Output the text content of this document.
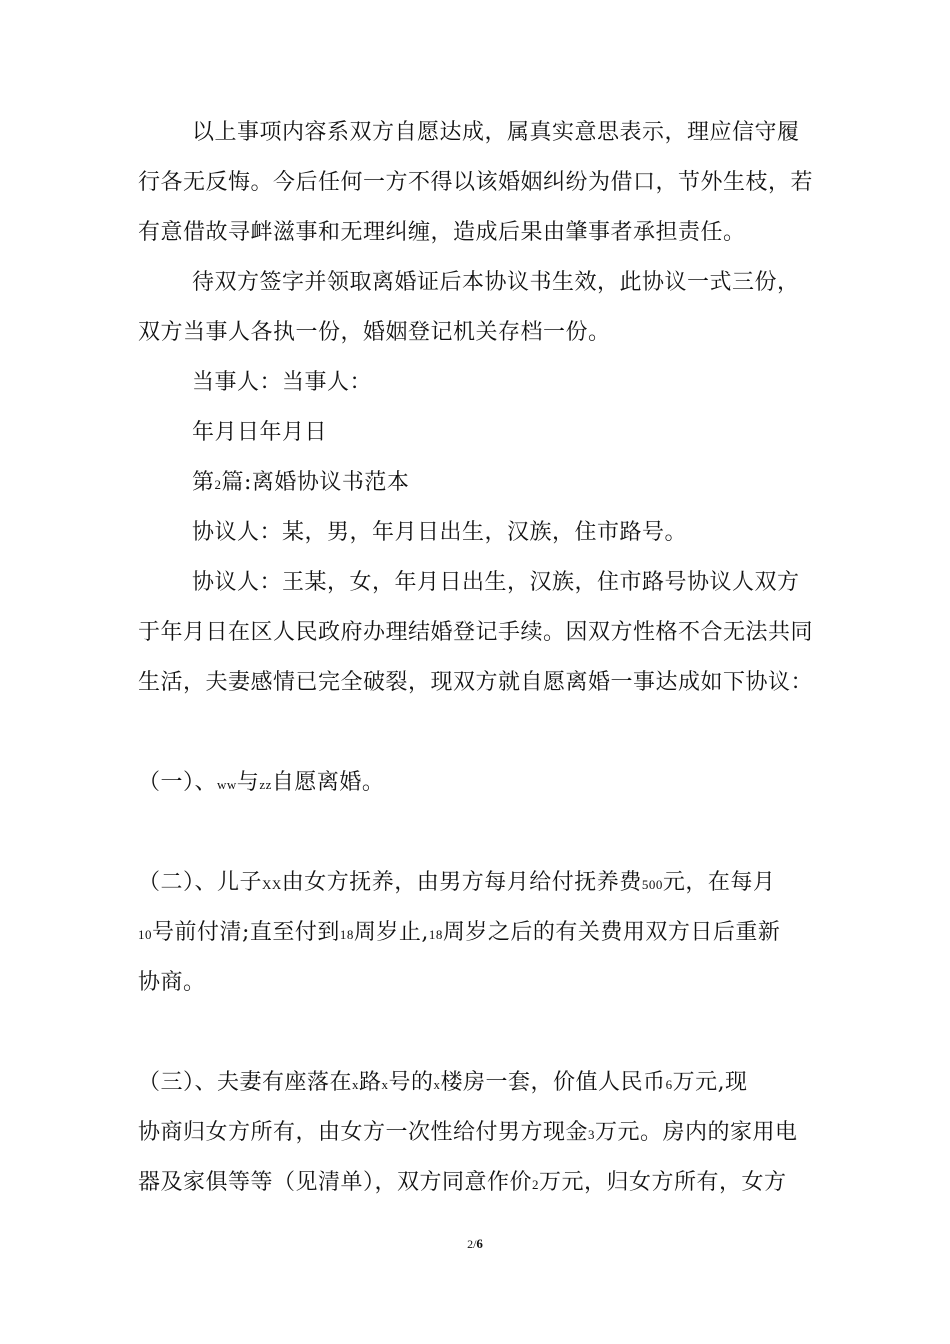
以上事项内容系双方自愿达成，属真实意思表示，理应信守履
行各无反悔。今后任何一方不得以该婚姻纠纷为借口，节外生枝，若
有意借故寻衅滋事和无理纠缠，造成后果由肇事者承担责任。
待双方签字并领取离婚证后本协议书生效，此协议一式三份，
双方当事人各执一份，婚姻登记机关存档一份。
当事人：当事人：
年月日年月日
第2篇:离婚协议书范本
协议人：某，男，年月日出生，汉族，住市路号。
协议人：王某，女，年月日出生，汉族，住市路号协议人双方
于年月日在区人民政府办理结婚登记手续。因双方性格不合无法共同
生活，夫妻感情已完全破裂，现双方就自愿离婚一事达成如下协议：
（一）、ww与zz自愿离婚。
（二）、儿子XX由女方抚养，由男方每月给付抚养费500元，在每月
10号前付清;直至付到18周岁止,18周岁之后的有关费用双方日后重新
协商。
（三）、夫妻有座落在x路x号的x楼房一套，价值人民币6万元,现
协商归女方所有，由女方一次性给付男方现金3万元。房内的家用电
器及家俱等等（见清单），双方同意作价2万元，归女方所有，女方
2/6
